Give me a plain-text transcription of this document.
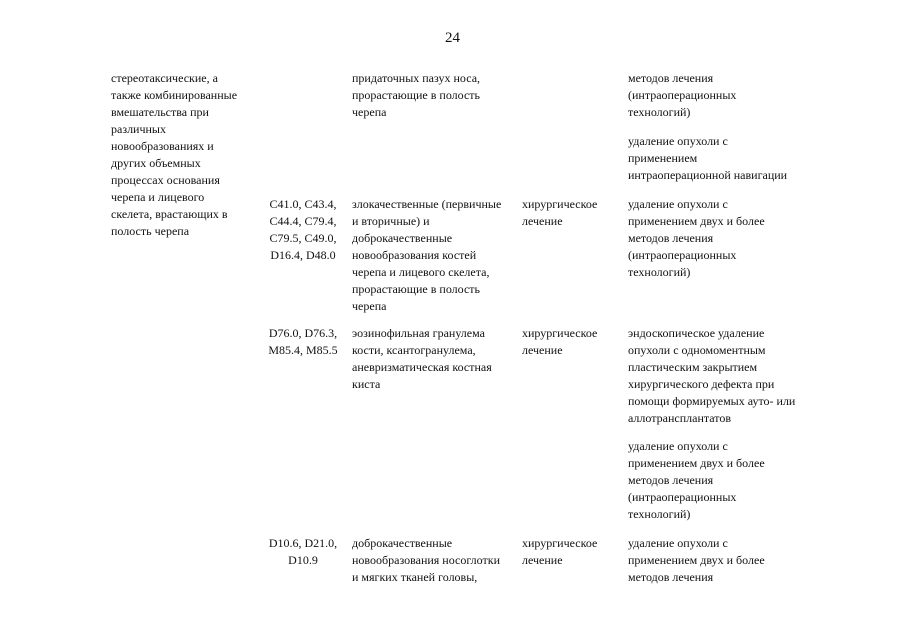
24
стереотаксические, а
также комбинированные
вмешательства при
различных
новообразованиях и
других объемных
процессах основания
черепа и лицевого
скелета, врастающих в
полость черепа
придаточных пазух носа,
прорастающие в полость
черепа
методов лечения
(интраоперационных
технологий)
удаление опухоли с
применением
интраоперационной навигации
C41.0, C43.4,
C44.4, C79.4,
C79.5, C49.0,
D16.4, D48.0
злокачественные (первичные
и вторичные) и
доброкачественные
новообразования костей
черепа и лицевого скелета,
прорастающие в полость
черепа
хирургическое
лечение
удаление опухоли с
применением двух и более
методов лечения
(интраоперационных
технологий)
D76.0, D76.3,
M85.4, M85.5
эозинофильная гранулема
кости, ксантогранулема,
аневризматическая костная
киста
хирургическое
лечение
эндоскопическое удаление
опухоли с одномоментным
пластическим закрытием
хирургического дефекта при
помощи формируемых ауто- или
аллотрансплантатов
удаление опухоли с
применением двух и более
методов лечения
(интраоперационных
технологий)
D10.6, D21.0,
D10.9
доброкачественные
новообразования носоглотки
и мягких тканей головы,
хирургическое
лечение
удаление опухоли с
применением двух и более
методов лечения
